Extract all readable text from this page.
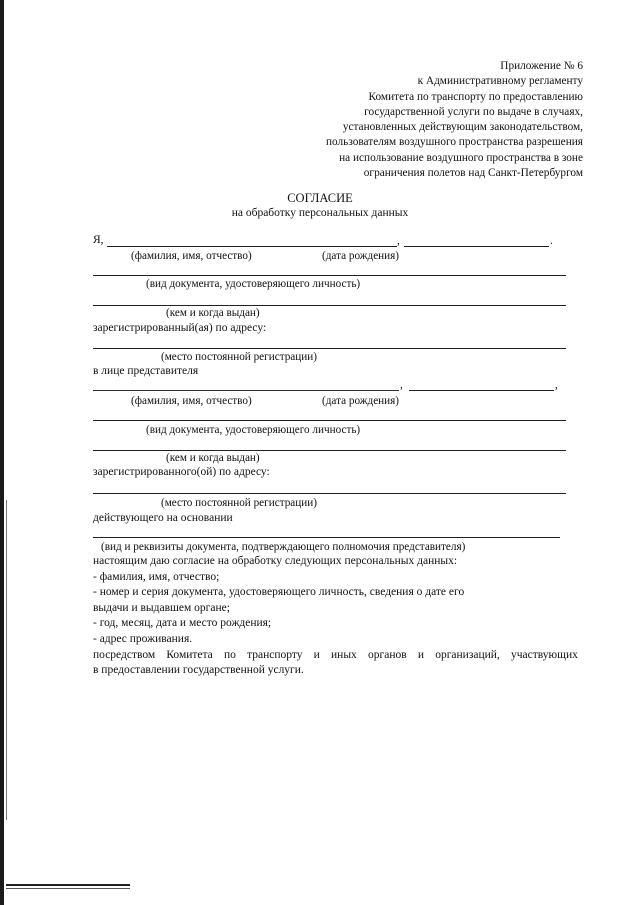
Приложение № 6
к Административному регламенту
Комитета по транспорту по предоставлению
государственной услуги по выдаче в случаях,
установленных действующим законодательством,
пользователям воздушного пространства разрешения
на использование воздушного пространства в зоне
ограничения полетов над Санкт-Петербургом
СОГЛАСИЕ
на обработку персональных данных
Я,	,	.
(фамилия, имя, отчество)	(дата рождения)
(вид документа, удостоверяющего личность)
(кем и когда выдан)
зарегистрированный(ая) по адресу:
(место постоянной регистрации)
в лице представителя
,	,
(фамилия, имя, отчество)	(дата рождения)
(вид документа, удостоверяющего личность)
(кем и когда выдан)
зарегистрированного(ой) по адресу:
(место постоянной регистрации)
действующего на основании
(вид и реквизиты документа, подтверждающего полномочия представителя)
настоящим даю согласие на обработку следующих персональных данных:
- фамилия, имя, отчество;
- номер и серия документа, удостоверяющего личность, сведения о дате его
выдачи и выдавшем органе;
- год, месяц, дата и место рождения;
- адрес проживания.
посредством Комитета по транспорту и иных органов и организаций, участвующих
в предоставлении государственной услуги.
